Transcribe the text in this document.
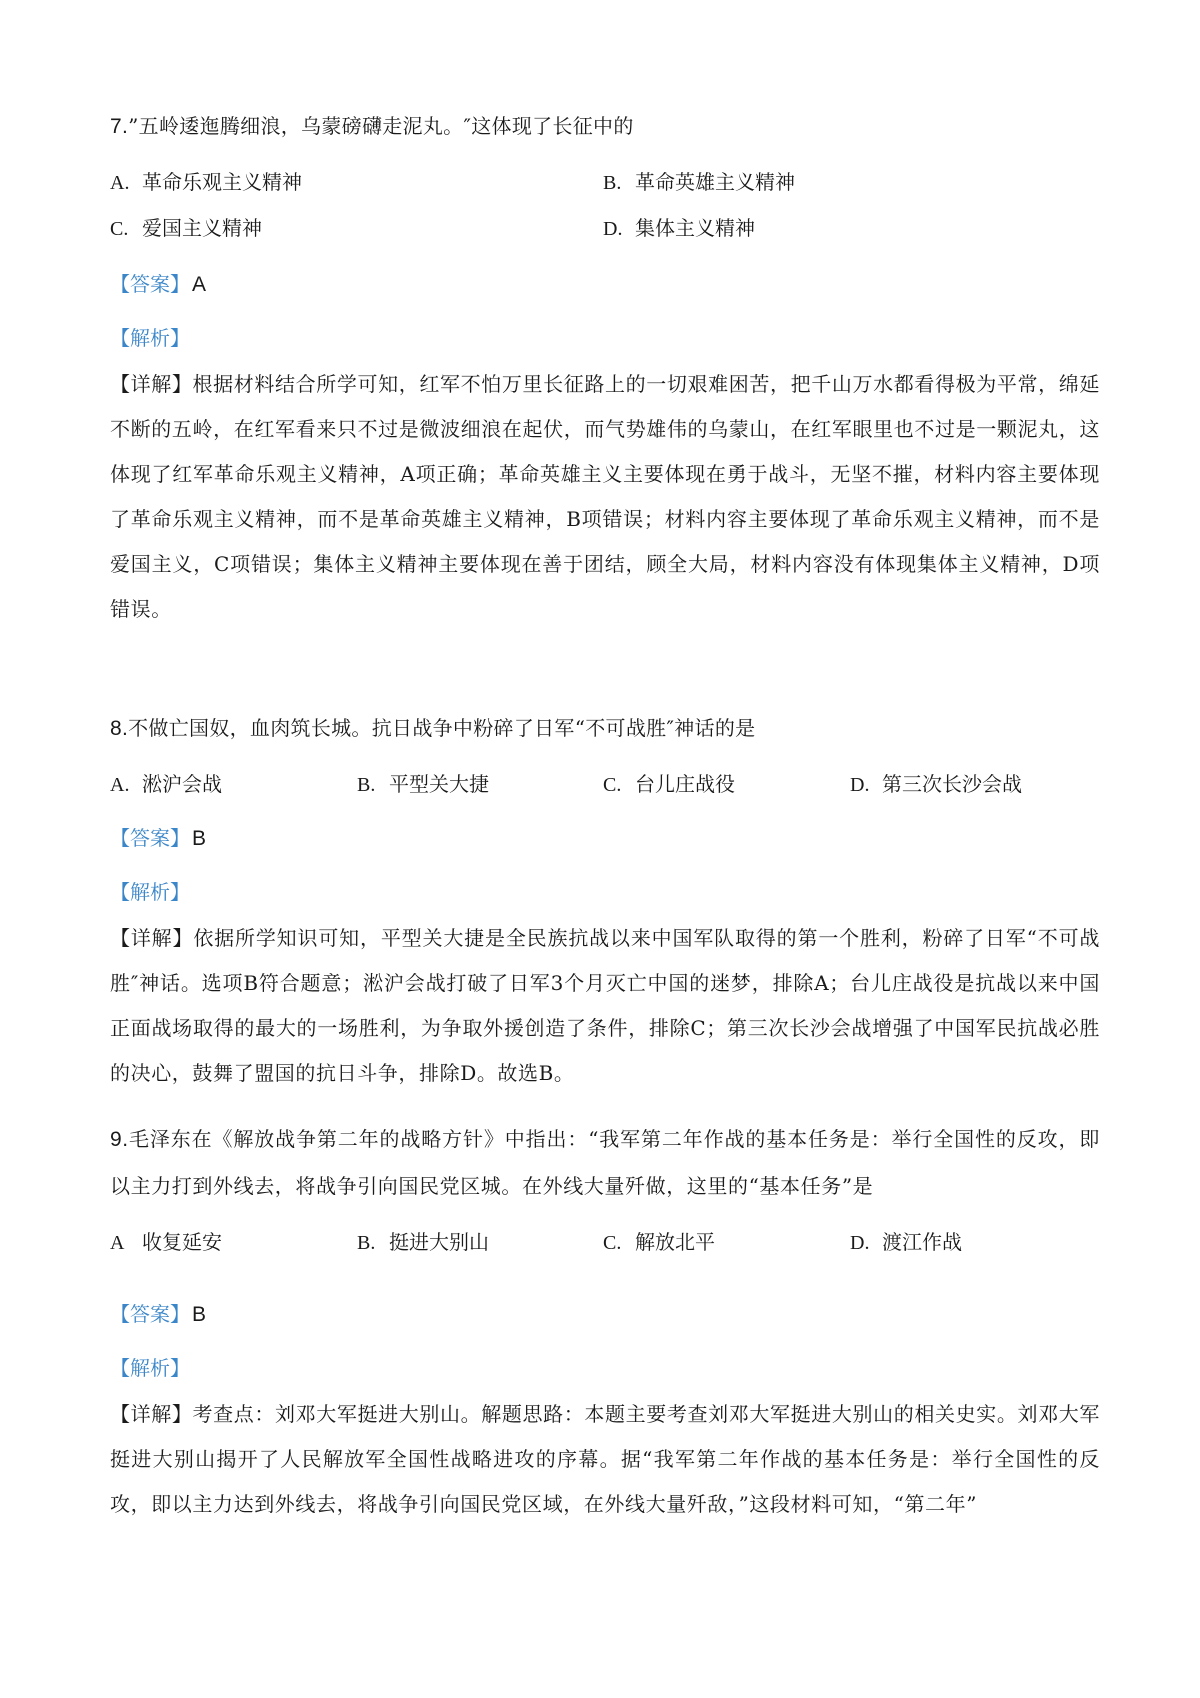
7.”五岭逶迤腾细浪，乌蒙磅礴走泥丸。″这体现了长征中的
A. 革命乐观主义精神	B. 革命英雄主义精神
C. 爱国主义精神	D. 集体主义精神
【答案】A
【解析】
【详解】根据材料结合所学可知，红军不怕万里长征路上的一切艰难困苦，把千山万水都看得极为平常，绵延不断的五岭，在红军看来只不过是微波细浪在起伏，而气势雄伟的乌蒙山，在红军眼里也不过是一颗泥丸，这体现了红军革命乐观主义精神，A项正确；革命英雄主义主要体现在勇于战斗，无坚不摧，材料内容主要体现了革命乐观主义精神，而不是革命英雄主义精神，B项错误；材料内容主要体现了革命乐观主义精神，而不是爱国主义，C项错误；集体主义精神主要体现在善于团结，顾全大局，材料内容没有体现集体主义精神，D项错误。
8.不做亡国奴，血肉筑长城。抗日战争中粉碎了日军“不可战胜″神话的是
A. 淞沪会战	B. 平型关大捷	C. 台儿庄战役	D. 第三次长沙会战
【答案】B
【解析】
【详解】依据所学知识可知，平型关大捷是全民族抗战以来中国军队取得的第一个胜利，粉碎了日军“不可战胜″神话。选项B符合题意；淞沪会战打破了日军3个月灭亡中国的迷梦，排除A；台儿庄战役是抗战以来中国正面战场取得的最大的一场胜利，为争取外援创造了条件，排除C；第三次长沙会战增强了中国军民抗战必胜的决心，鼓舞了盟国的抗日斗争，排除D。故选B。
9.毛泽东在《解放战争第二年的战略方针》中指出：“我军第二年作战的基本任务是：举行全国性的反攻，即以主力打到外线去，将战争引向国民党区城。在外线大量歼做，这里的“基本任务”是
A 收复延安	B. 挺进大别山	C. 解放北平	D. 渡江作战
【答案】B
【解析】
【详解】考查点：刘邓大军挺进大别山。解题思路：本题主要考查刘邓大军挺进大别山的相关史实。刘邓大军挺进大别山揭开了人民解放军全国性战略进攻的序幕。据“我军第二年作战的基本任务是：举行全国性的反攻，即以主力达到外线去，将战争引向国民党区域，在外线大量歼敌，”这段材料可知，“第二年”
